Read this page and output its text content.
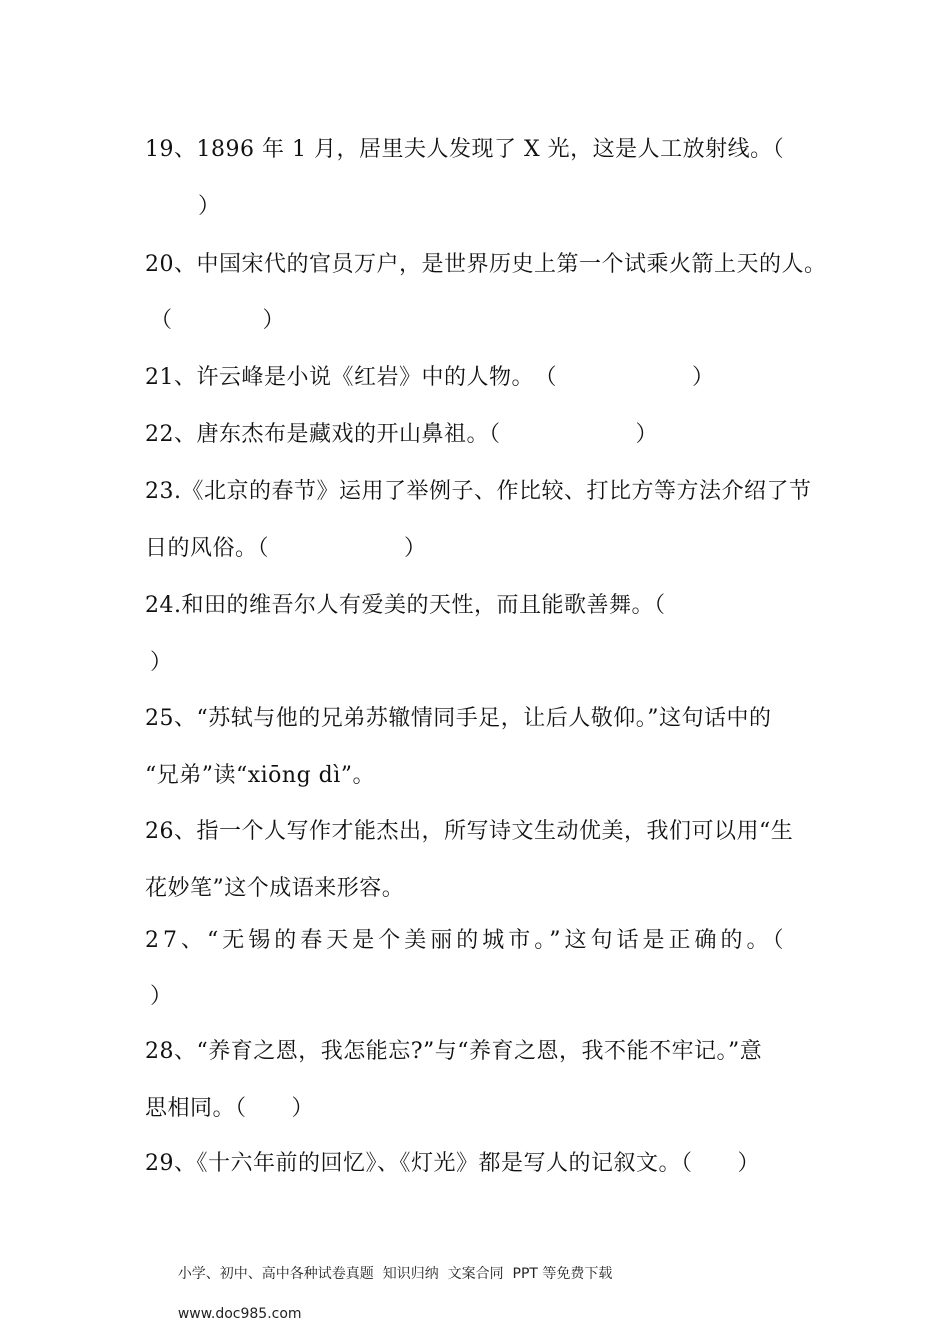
19、1896 年 1 月，居里夫人发现了 X 光，这是人工放射线。（
）
20、中国宋代的官员万户，是世界历史上第一个试乘火箭上天的人。
（　　　　）
21、许云峰是小说《红岩》中的人物。　（　　　　　　）
22、唐东杰布是藏戏的开山鼻祖。（　　　　　　）
23.《北京的春节》运用了举例子、作比较、打比方等方法介绍了节
日的风俗。（　　　　　　）
24.和田的维吾尔人有爱美的天性，而且能歌善舞。（
）
25、“苏轼与他的兄弟苏辙情同手足，让后人敬仰。”这句话中的
“兄弟”读“xiōng dì”。
26、指一个人写作才能杰出，所写诗文生动优美，我们可以用“生
花妙笔”这个成语来形容。
27、“无锡的春天是个美丽的城市。”这句话是正确的。（
）
28、“养育之恩，我怎能忘?”与“养育之恩，我不能不牢记。”意
思相同。（　　）
29、《十六年前的回忆》、《灯光》都是写人的记叙文。（　　）

小学、初中、高中各种试卷真题  知识归纳  文案合同  PPT 等免费下载

www.doc985.com
